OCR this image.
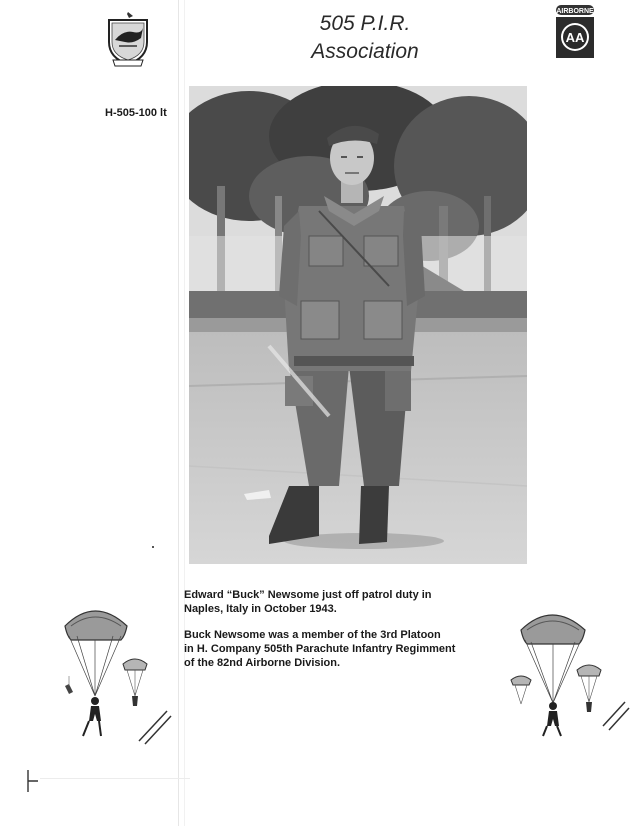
505 P.I.R.
Association
AIRBORNE
AA
H-505-100 lt

Edward “Buck” Newsome just off patrol duty in
Naples, Italy in October 1943.

Buck Newsome was a member of the 3rd Platoon
in H. Company 505th Parachute Infantry Regimment
of the 82nd Airborne Division.
